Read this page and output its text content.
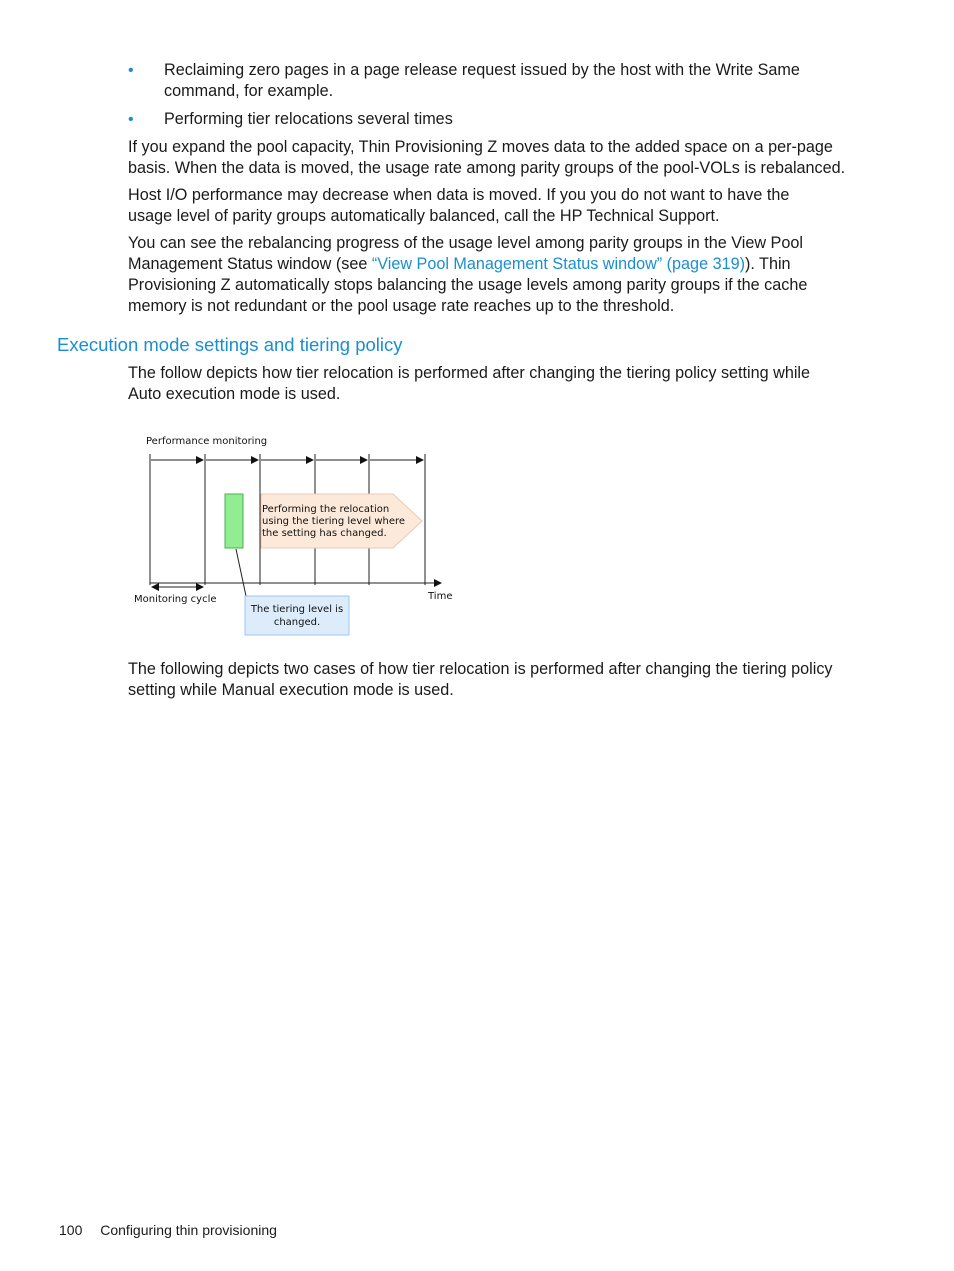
• Reclaiming zero pages in a page release request issued by the host with the Write Same
command, for example.
• Performing tier relocations several times

If you expand the pool capacity, Thin Provisioning Z moves data to the added space on a per-page
basis. When the data is moved, the usage rate among parity groups of the pool-VOLs is rebalanced.

Host I/O performance may decrease when data is moved. If you you do not want to have the
usage level of parity groups automatically balanced, call the HP Technical Support.

You can see the rebalancing progress of the usage level among parity groups in the View Pool
Management Status window (see “View Pool Management Status window” (page 319)). Thin
Provisioning Z automatically stops balancing the usage levels among parity groups if the cache
memory is not redundant or the pool usage rate reaches up to the threshold.

Execution mode settings and tiering policy

The follow depicts how tier relocation is performed after changing the tiering policy setting while
Auto execution mode is used.

Performance monitoring
Performing the relocation
using the tiering level where
the setting has changed.
Time
Monitoring cycle
The tiering level is
changed.

The following depicts two cases of how tier relocation is performed after changing the tiering policy
setting while Manual execution mode is used.

100 Configuring thin provisioning
